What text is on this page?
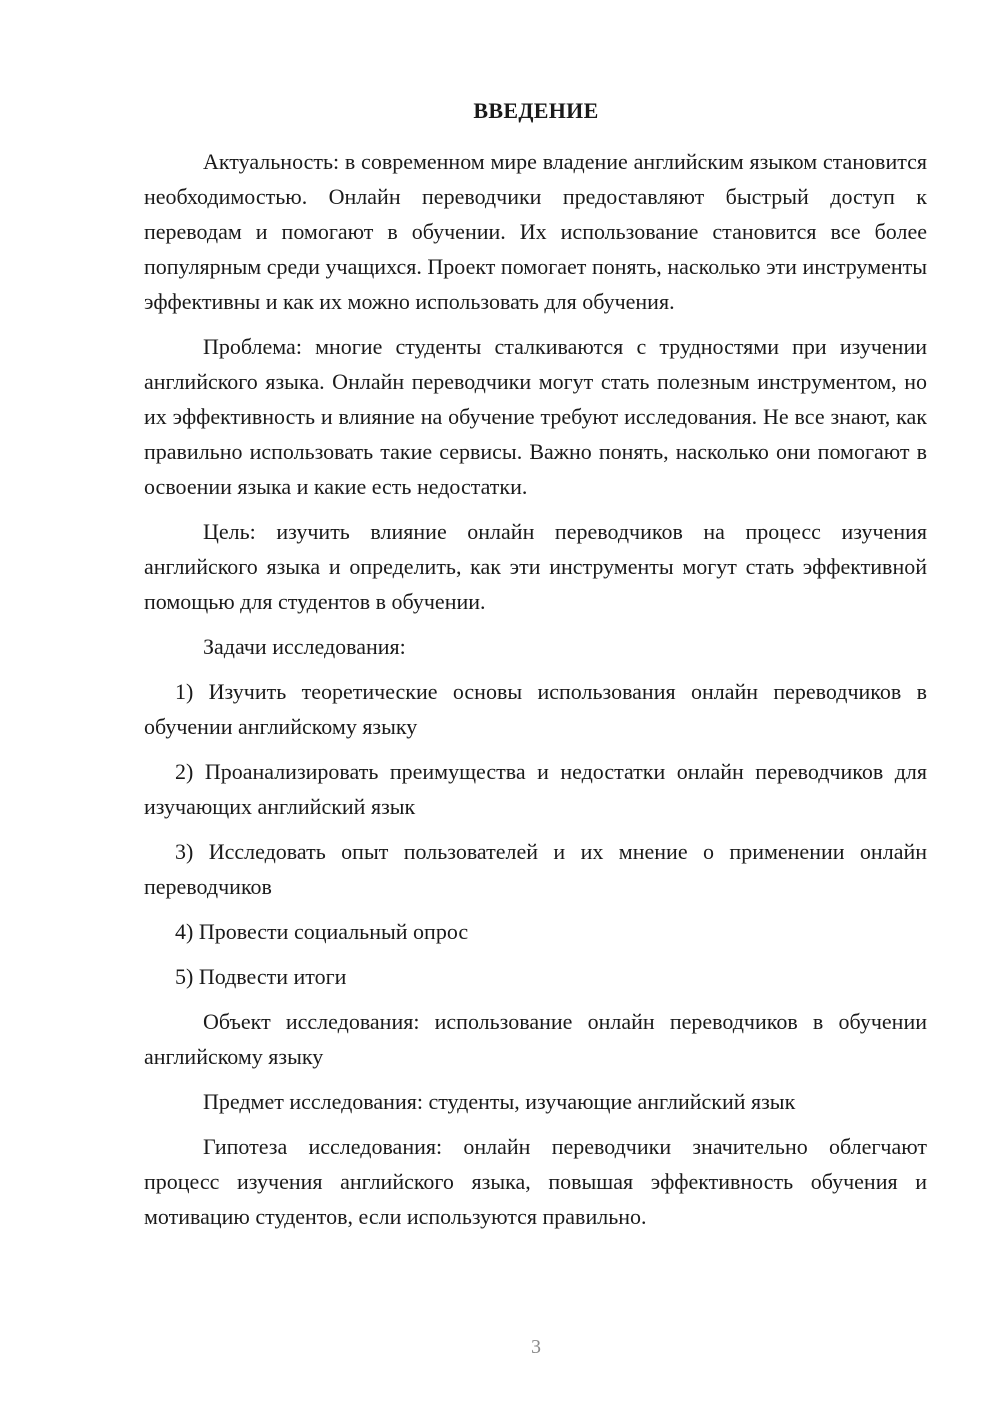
ВВЕДЕНИЕ

Актуальность: в современном мире владение английским языком становится необходимостью. Онлайн переводчики предоставляют быстрый доступ к переводам и помогают в обучении. Их использование становится все более популярным среди учащихся. Проект помогает понять, насколько эти инструменты эффективны и как их можно использовать для обучения.

Проблема: многие студенты сталкиваются с трудностями при изучении английского языка. Онлайн переводчики могут стать полезным инструментом, но их эффективность и влияние на обучение требуют исследования. Не все знают, как правильно использовать такие сервисы. Важно понять, насколько они помогают в освоении языка и какие есть недостатки.

Цель: изучить влияние онлайн переводчиков на процесс изучения английского языка и определить, как эти инструменты могут стать эффективной помощью для студентов в обучении.

Задачи исследования:

1) Изучить теоретические основы использования онлайн переводчиков в обучении английскому языку

2) Проанализировать преимущества и недостатки онлайн переводчиков для изучающих английский язык

3) Исследовать опыт пользователей и их мнение о применении онлайн переводчиков

4) Провести социальный опрос

5) Подвести итоги

Объект исследования: использование онлайн переводчиков в обучении английскому языку

Предмет исследования: студенты, изучающие английский язык

Гипотеза исследования: онлайн переводчики значительно облегчают процесс изучения английского языка, повышая эффективность обучения и мотивацию студентов, если используются правильно.

3
